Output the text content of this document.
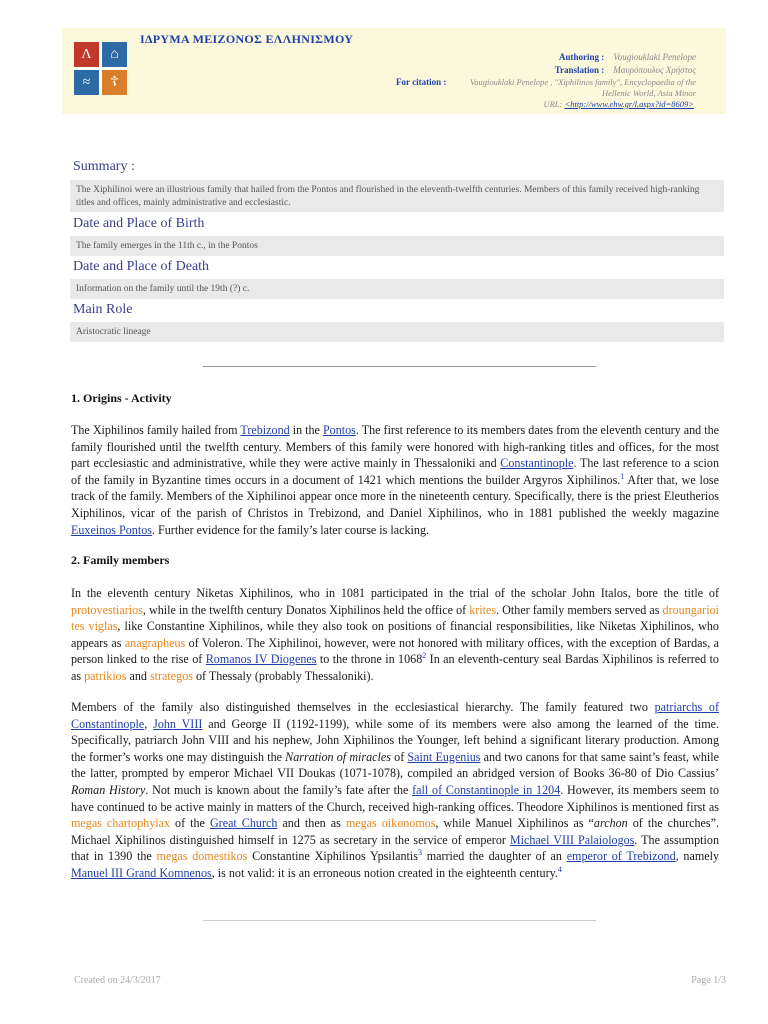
Λ	⌂
≈	☦
ΙΔΡΥΜΑ ΜΕΙΖΟΝΟΣ ΕΛΛΗΝΙΣΜΟΥ
Authoring : Vougiouklaki Penelope
Translation : Μαυρόπουλος Χρήστος
For citation :	Vougiouklaki Penelope , "Xiphilinos family", Encyclopaedia of the Hellenic World, Asia Minor
URL: <http://www.ehw.gr/l.aspx?id=8609>
Summary :
The Xiphilinoi were an illustrious family that hailed from the Pontos and flourished in the eleventh-twelfth centuries. Members of this family received high-ranking titles and offices, mainly administrative and ecclesiastic.
Date and Place of Birth
The family emerges in the 11th c., in the Pontos
Date and Place of Death
Information on the family until the 19th (?) c.
Main Role
Aristocratic lineage
1. Origins - Activity

The Xiphilinos family hailed from Trebizond in the Pontos. The first reference to its members dates from the eleventh century and the family flourished until the twelfth century. Members of this family were honored with high-ranking titles and offices, for the most part ecclesiastic and administrative, while they were active mainly in Thessaloniki and Constantinople. The last reference to a scion of the family in Byzantine times occurs in a document of 1421 which mentions the builder Argyros Xiphilinos.$^1$ After that, we lose track of the family. Members of the Xiphilinoi appear once more in the nineteenth century. Specifically, there is the priest Eleutherios Xiphilinos, vicar of the parish of Christos in Trebizond, and Daniel Xiphilinos, who in 1881 published the weekly magazine Euxeinos Pontos. Further evidence for the family’s later course is lacking.

2. Family members

In the eleventh century Niketas Xiphilinos, who in 1081 participated in the trial of the scholar John Italos, bore the title of protovestiarios, while in the twelfth century Donatos Xiphilinos held the office of krites. Other family members served as droungarioi tes viglas, like Constantine Xiphilinos, while they also took on positions of financial responsibilities, like Niketas Xiphilinos, who appears as anagrapheus of Voleron. The Xiphilinoi, however, were not honored with military offices, with the exception of Bardas, a person linked to the rise of Romanos IV Diogenes to the throne in 1068$^2$ In an eleventh-century seal Bardas Xiphilinos is referred to as patrikios and strategos of Thessaly (probably Thessaloniki).

Members of the family also distinguished themselves in the ecclesiastical hierarchy. The family featured two patriarchs of Constantinople, John VIII and George II (1192-1199), while some of its members were also among the learned of the time. Specifically, patriarch John VIII and his nephew, John Xiphilinos the Younger, left behind a significant literary production. Among the former’s works one may distinguish the Narration of miracles of Saint Eugenius and two canons for that same saint’s feast, while the latter, prompted by emperor Michael VII Doukas (1071-1078), compiled an abridged version of Books 36-80 of Dio Cassius’ Roman History. Not much is known about the family’s fate after the fall of Constantinople in 1204. However, its members seem to have continued to be active mainly in matters of the Church, received high-ranking offices. Theodore Xiphilinos is mentioned first as megas chartophylax of the Great Church and then as megas oikonomos, while Manuel Xiphilinos as “archon of the churches”. Michael Xiphilinos distinguished himself in 1275 as secretary in the service of emperor Michael VIII Palaiologos. The assumption that in 1390 the megas domestikos Constantine Xiphilinos Ypsilantis$^3$ married the daughter of an emperor of Trebizond, namely Manuel III Grand Komnenos, is not valid: it is an erroneous notion created in the eighteenth century.$^4$

Created on 24/3/2017	Page 1/3
